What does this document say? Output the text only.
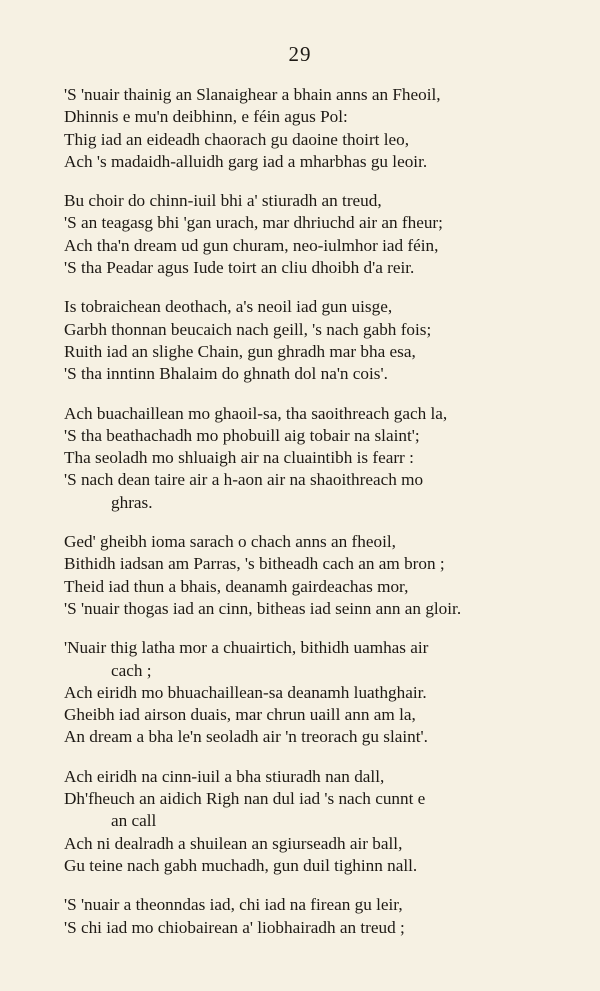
29
'S 'nuair thainig an Slanaighear a bhain anns an Fheoil,
Dhinnis e mu'n deibhinn, e féin agus Pol:
Thig iad an eideadh chaorach gu daoine thoirt leo,
Ach 's madaidh-alluidh garg iad a mharbhas gu leoir.
Bu choir do chinn-iuil bhi a' stiuradh an treud,
'S an teagasg bhi 'gan urach, mar dhriuchd air an fheur;
Ach tha'n dream ud gun churam, neo-iulmhor iad féin,
'S tha Peadar agus Iude toirt an cliu dhoibh d'a reir.
Is tobraichean deothach, a's neoil iad gun uisge,
Garbh thonnan beucaich nach geill, 's nach gabh fois;
Ruith iad an slighe Chain, gun ghradh mar bha esa,
'S tha inntinn Bhalaim do ghnath dol na'n cois'.
Ach buachaillean mo ghaoil-sa, tha saoithreach gach la,
'S tha beathachadh mo phobuill aig tobair na slaint';
Tha seoladh mo shluaigh air na cluaintibh is fearr :
'S nach dean taire air a h-aon air na shaoithreach mo
ghras.
Ged' gheibh ioma sarach o chach anns an fheoil,
Bithidh iadsan am Parras, 's bitheadh cach an am bron ;
Theid iad thun a bhais, deanamh gairdeachas mor,
'S 'nuair thogas iad an cinn, bitheas iad seinn ann an gloir.
'Nuair thig latha mor a chuairtich, bithidh uamhas air
cach ;
Ach eiridh mo bhuachaillean-sa deanamh luathghair.
Gheibh iad airson duais, mar chrun uaill ann am la,
An dream a bha le'n seoladh air 'n treorach gu slaint'.
Ach eiridh na cinn-iuil a bha stiuradh nan dall,
Dh'fheuch an aidich Righ nan dul iad 's nach cunnt e
an call
Ach ni dealradh a shuilean an sgiurseadh air ball,
Gu teine nach gabh muchadh, gun duil tighinn nall.
'S 'nuair a theonndas iad, chi iad na firean gu leir,
'S chi iad mo chiobairean a' liobhairadh an treud ;
